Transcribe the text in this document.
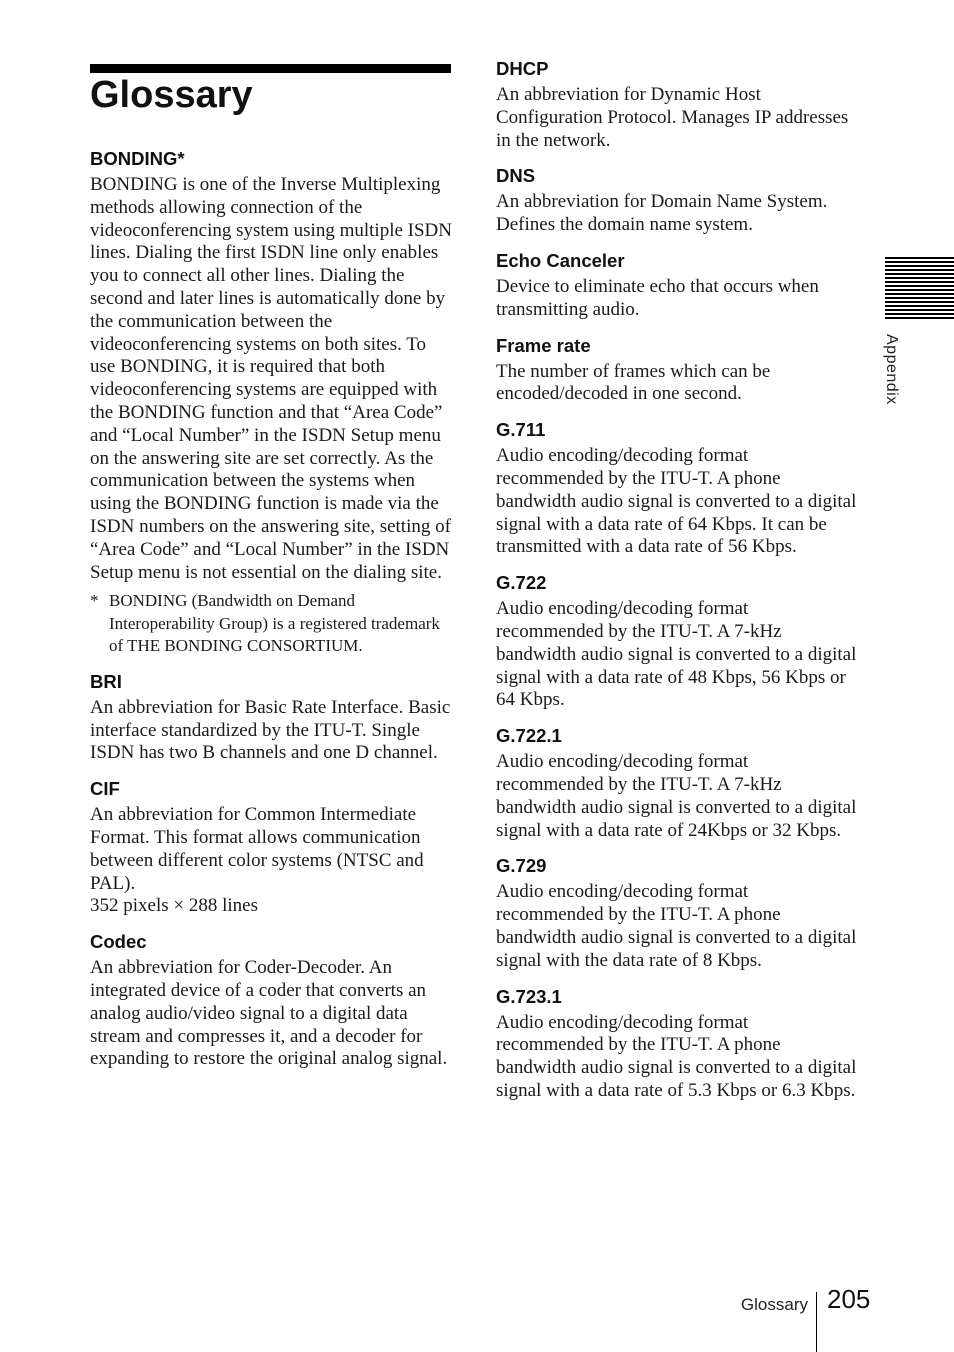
Glossary
BONDING*

BONDING is one of the Inverse Multiplexing methods allowing connection of the videoconferencing system using multiple ISDN lines. Dialing the first ISDN line only enables you to connect all other lines. Dialing the second and later lines is automatically done by the communication between the videoconferencing systems on both sites. To use BONDING, it is required that both videoconferencing systems are equipped with the BONDING function and that “Area Code” and “Local Number” in the ISDN Setup menu on the answering site are set correctly. As the communication between the systems when using the BONDING function is made via the ISDN numbers on the answering site, setting of “Area Code” and “Local Number” in the ISDN Setup menu is not essential on the dialing site.

* BONDING (Bandwidth on Demand Interoperability Group) is a registered trademark of THE BONDING CONSORTIUM.
BRI

An abbreviation for Basic Rate Interface. Basic interface standardized by the ITU-T. Single ISDN has two B channels and one D channel.

CIF

An abbreviation for Common Intermediate Format. This format allows communication between different color systems (NTSC and PAL).

352 pixels × 288 lines

Codec

An abbreviation for Coder-Decoder. An integrated device of a coder that converts an analog audio/video signal to a digital data stream and compresses it, and a decoder for expanding to restore the original analog signal.

DHCP

An abbreviation for Dynamic Host Configuration Protocol. Manages IP addresses in the network.

DNS

An abbreviation for Domain Name System. Defines the domain name system.

Echo Canceler

Device to eliminate echo that occurs when transmitting audio.

Frame rate

The number of frames which can be encoded/decoded in one second.

G.711

Audio encoding/decoding format recommended by the ITU-T. A phone bandwidth audio signal is converted to a digital signal with a data rate of 64 Kbps. It can be transmitted with a data rate of 56 Kbps.

G.722

Audio encoding/decoding format recommended by the ITU-T. A 7-kHz bandwidth audio signal is converted to a digital signal with a data rate of 48 Kbps, 56 Kbps or 64 Kbps.

G.722.1

Audio encoding/decoding format recommended by the ITU-T. A 7-kHz bandwidth audio signal is converted to a digital signal with a data rate of 24Kbps or 32 Kbps.

G.729

Audio encoding/decoding format recommended by the ITU-T. A phone bandwidth audio signal is converted to a digital signal with the data rate of 8 Kbps.

G.723.1

Audio encoding/decoding format recommended by the ITU-T. A phone bandwidth audio signal is converted to a digital signal with a data rate of 5.3 Kbps or 6.3 Kbps.

Appendix
Glossary 205
